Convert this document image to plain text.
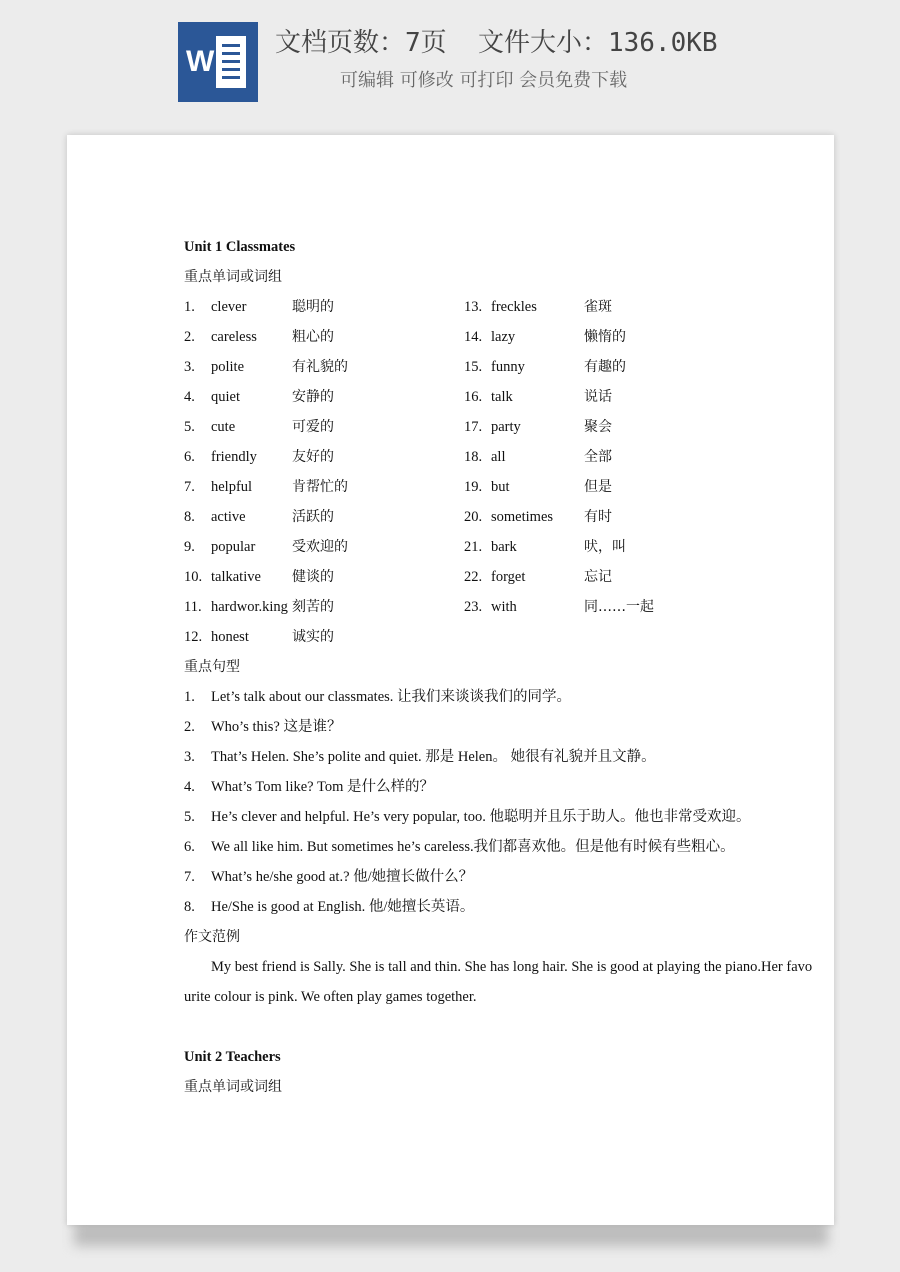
W
文档页数：7页  文件大小：136.0KB
可编辑 可修改 可打印 会员免费下载
Unit 1 Classmates
重点单词或词组
1. clever	聪明的	13. freckles	雀斑
2. careless	粗心的	14. lazy	懒惰的
3. polite	有礼貌的	15. funny	有趣的
4. quiet	安静的	16. talk	说话
5. cute	可爱的	17. party	聚会
6. friendly	友好的	18. all	全部
7. helpful	肯帮忙的	19. but	但是
8. active	活跃的	20. sometimes 有时
9. popular	受欢迎的	21. bark	吠，叫
10. talkative 健谈的	22. forget	忘记
11. hardwor.king 刻苦的	23. with	同……一起
12. honest	诚实的
重点句型
1. Let’s talk about our classmates. 让我们来谈谈我们的同学。
2. Who’s this? 这是谁？
3. That’s Helen. She’s polite and quiet. 那是 Helen。 她很有礼貌并且文静。
4. What’s Tom like? Tom 是什么样的？
5. He’s clever and helpful. He’s very popular, too. 他聪明并且乐于助人。他也非常受欢迎。
6. We all like him. But sometimes he’s careless.我们都喜欢他。但是他有时候有些粗心。
7. What’s he/she good at.? 他/她擅长做什么？
8. He/She is good at English. 他/她擅长英语。
作文范例
My best friend is Sally. She is tall and thin. She has long hair. She is good at playing the piano.Her favourite colour is pink. We often play games together.
Unit 2 Teachers
重点单词或词组
